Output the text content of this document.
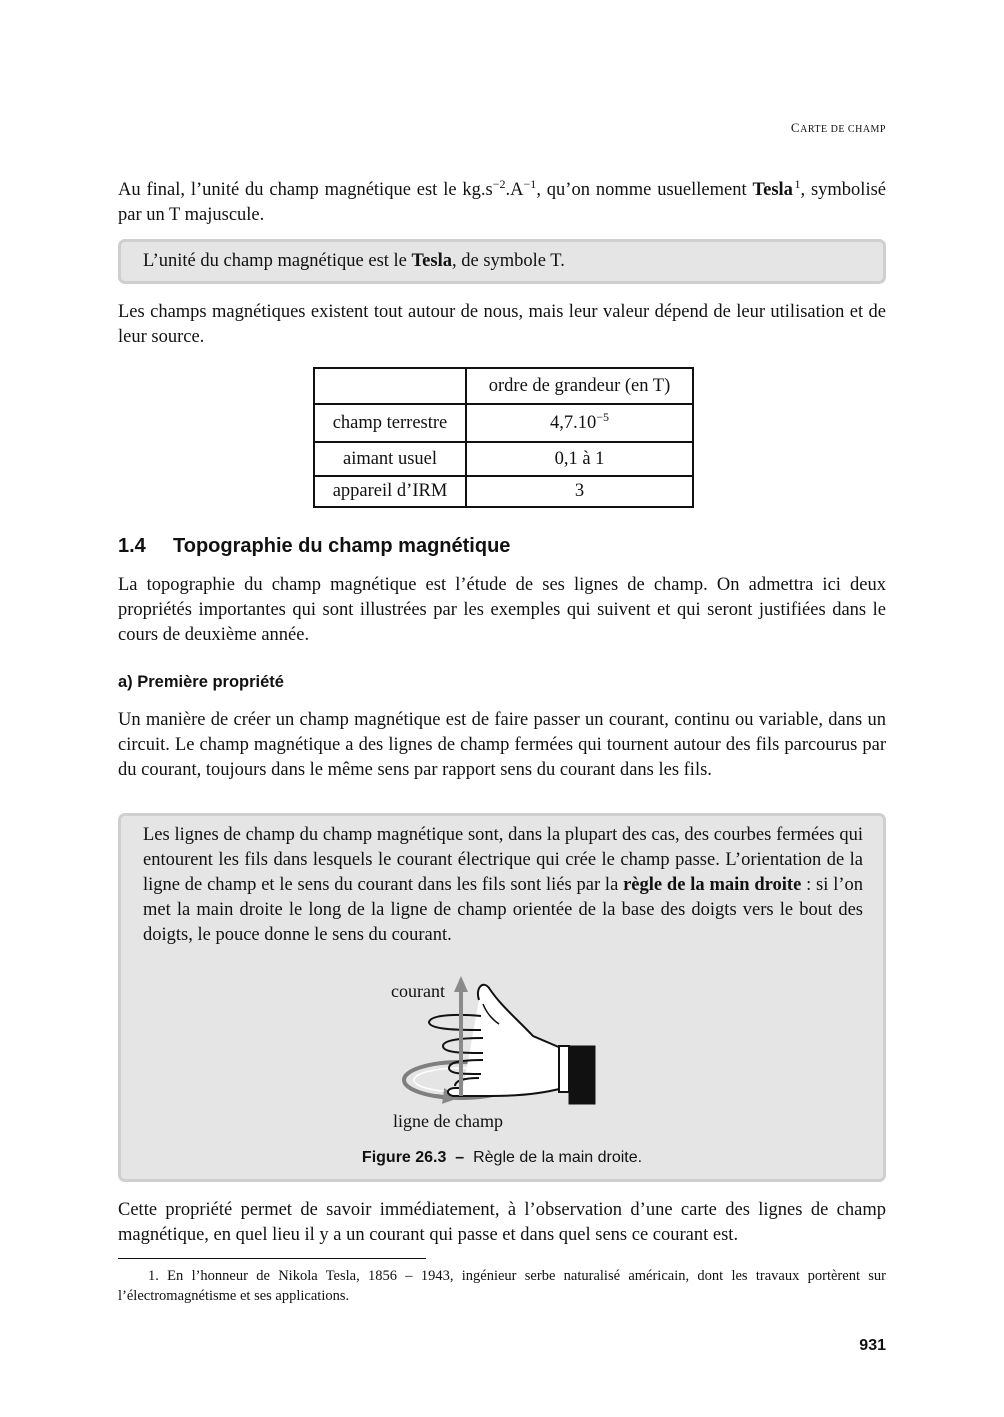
CARTE DE CHAMP

Au final, l’unité du champ magnétique est le $kg.s^{-2}.A^{-1}$, qu’on nomme usuellement Tesla  $^1$, symbolisé par un T majuscule.

L’unité du champ magnétique est le Tesla, de symbole T.

Les champs magnétiques existent tout autour de nous, mais leur valeur dépend de leur utilisation et de leur source.

	ordre de grandeur (en T)
champ terrestre	$4,7.10^{-5}$
aimant usuel	0,1 à 1
appareil d’IRM	3
1.4 Topographie du champ magnétique

La topographie du champ magnétique est l’étude de ses lignes de champ. On admettra ici deux propriétés importantes qui sont illustrées par les exemples qui suivent et qui seront justifiées dans le cours de deuxième année.

a) Première propriété

Un manière de créer un champ magnétique est de faire passer un courant, continu ou variable, dans un circuit. Le champ magnétique a des lignes de champ fermées qui tournent autour des fils parcourus par du courant, toujours dans le même sens par rapport sens du courant dans les fils.

Les lignes de champ du champ magnétique sont, dans la plupart des cas, des courbes fermées qui entourent les fils dans lesquels le courant électrique qui crée le champ passe. L’orientation de la ligne de champ et le sens du courant dans les fils sont liés par la règle de la main droite : si l’on met la main droite le long de la ligne de champ orientée de la base des doigts vers le bout des doigts, le pouce donne le sens du courant.

courant
ligne de champ
Figure 26.3 – Règle de la main droite.

Cette propriété permet de savoir immédiatement, à l’observation d’une carte des lignes de champ magnétique, en quel lieu il y a un courant qui passe et dans quel sens ce courant est.

1. En l’honneur de Nikola Tesla, 1856 – 1943, ingénieur serbe naturalisé américain, dont les travaux portèrent sur l’électromagnétisme et ses applications.
931
